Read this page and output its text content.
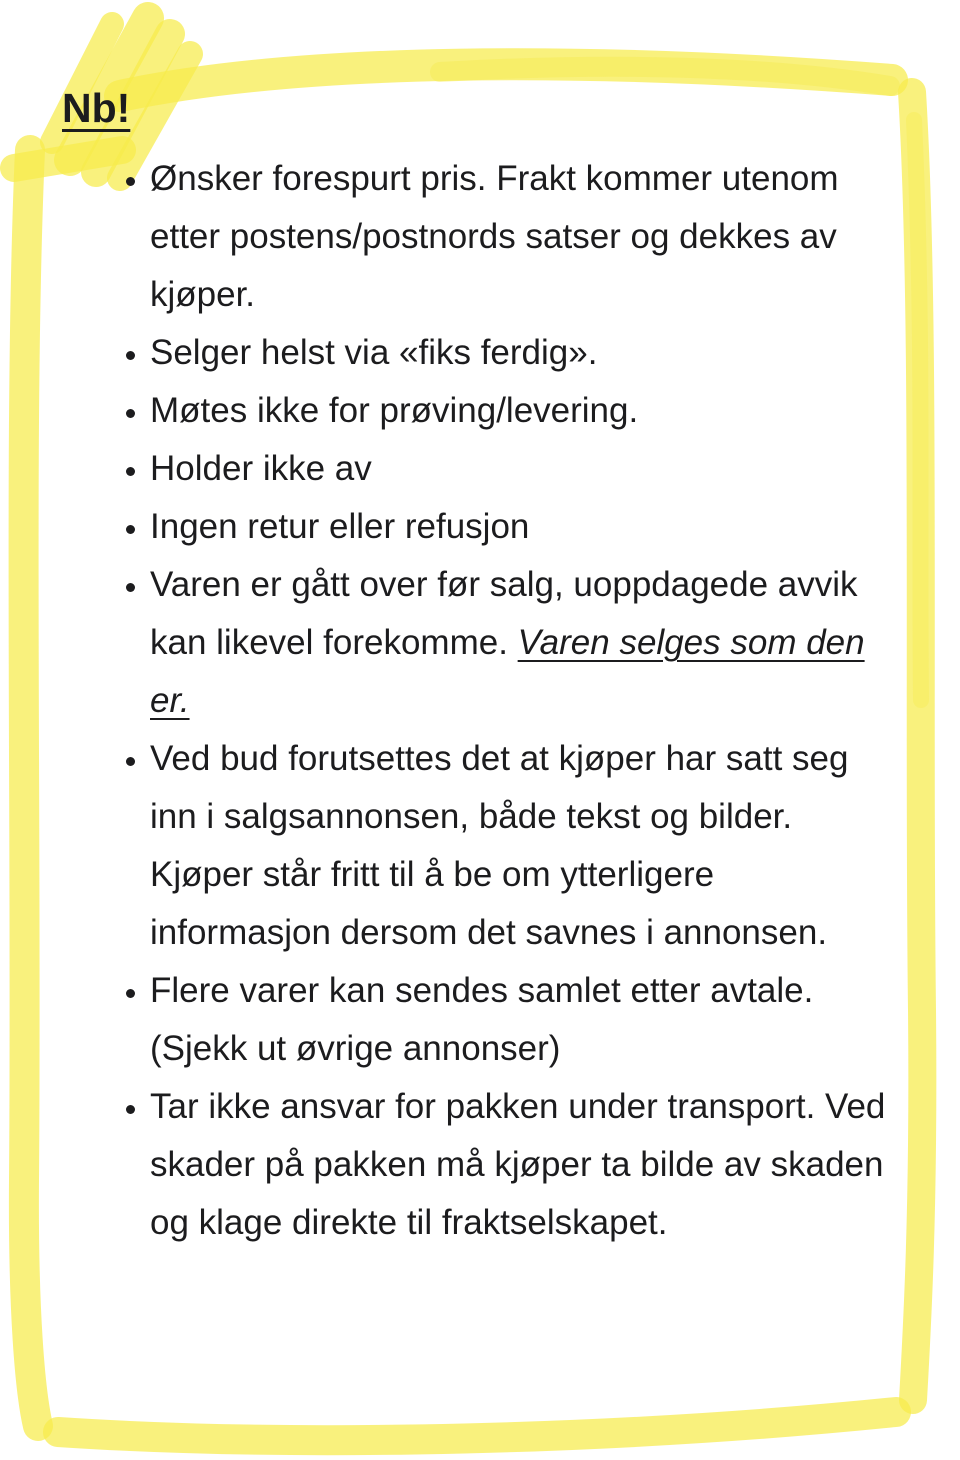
Nb!
• Ønsker forespurt pris. Frakt kommer utenom etter postens/postnords satser og dekkes av kjøper.
• Selger helst via «fiks ferdig».
• Møtes ikke for prøving/levering.
• Holder ikke av
• Ingen retur eller refusjon
• Varen er gått over før salg, uoppdagede avvik kan likevel forekomme. Varen selges som den er.
• Ved bud forutsettes det at kjøper har satt seg inn i salgsannonsen, både tekst og bilder. Kjøper står fritt til å be om ytterligere informasjon dersom det savnes i annonsen.
• Flere varer kan sendes samlet etter avtale. (Sjekk ut øvrige annonser)
• Tar ikke ansvar for pakken under transport. Ved skader på pakken må kjøper ta bilde av skaden og klage direkte til fraktselskapet.
